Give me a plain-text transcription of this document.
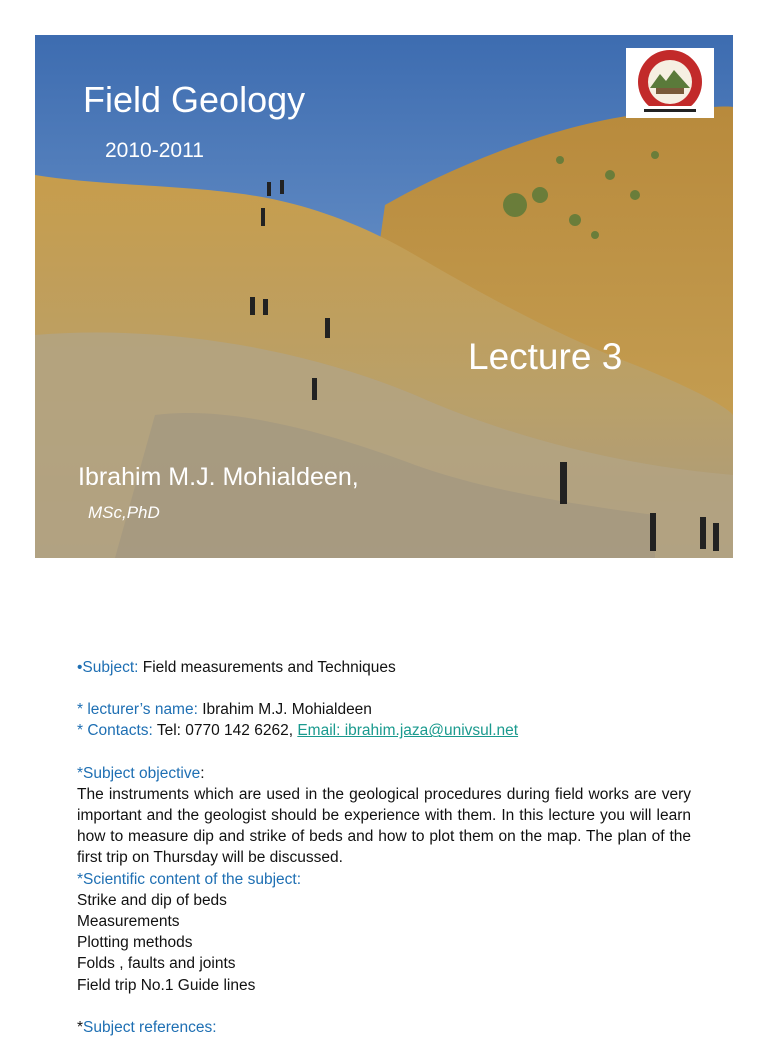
Field Geology
2010-2011
Lecture 3
Ibrahim M.J. Mohialdeen,
MSc,PhD

•Subject: Field measurements and Techniques

* lecturer’s name: Ibrahim M.J. Mohialdeen

* Contacts: Tel: 0770 142 6262, Email: ibrahim.jaza@univsul.net

*Subject objective:

The instruments which are used in the geological procedures during field works are very important and the geologist should be experience with them. In this lecture you will learn how to measure dip and strike of beds and how to plot them on the map. The plan of the first trip on Thursday will be discussed.

*Scientific content of the subject:

Strike and dip of beds

Measurements

Plotting methods

Folds , faults and joints

Field trip No.1 Guide lines

*Subject references:
